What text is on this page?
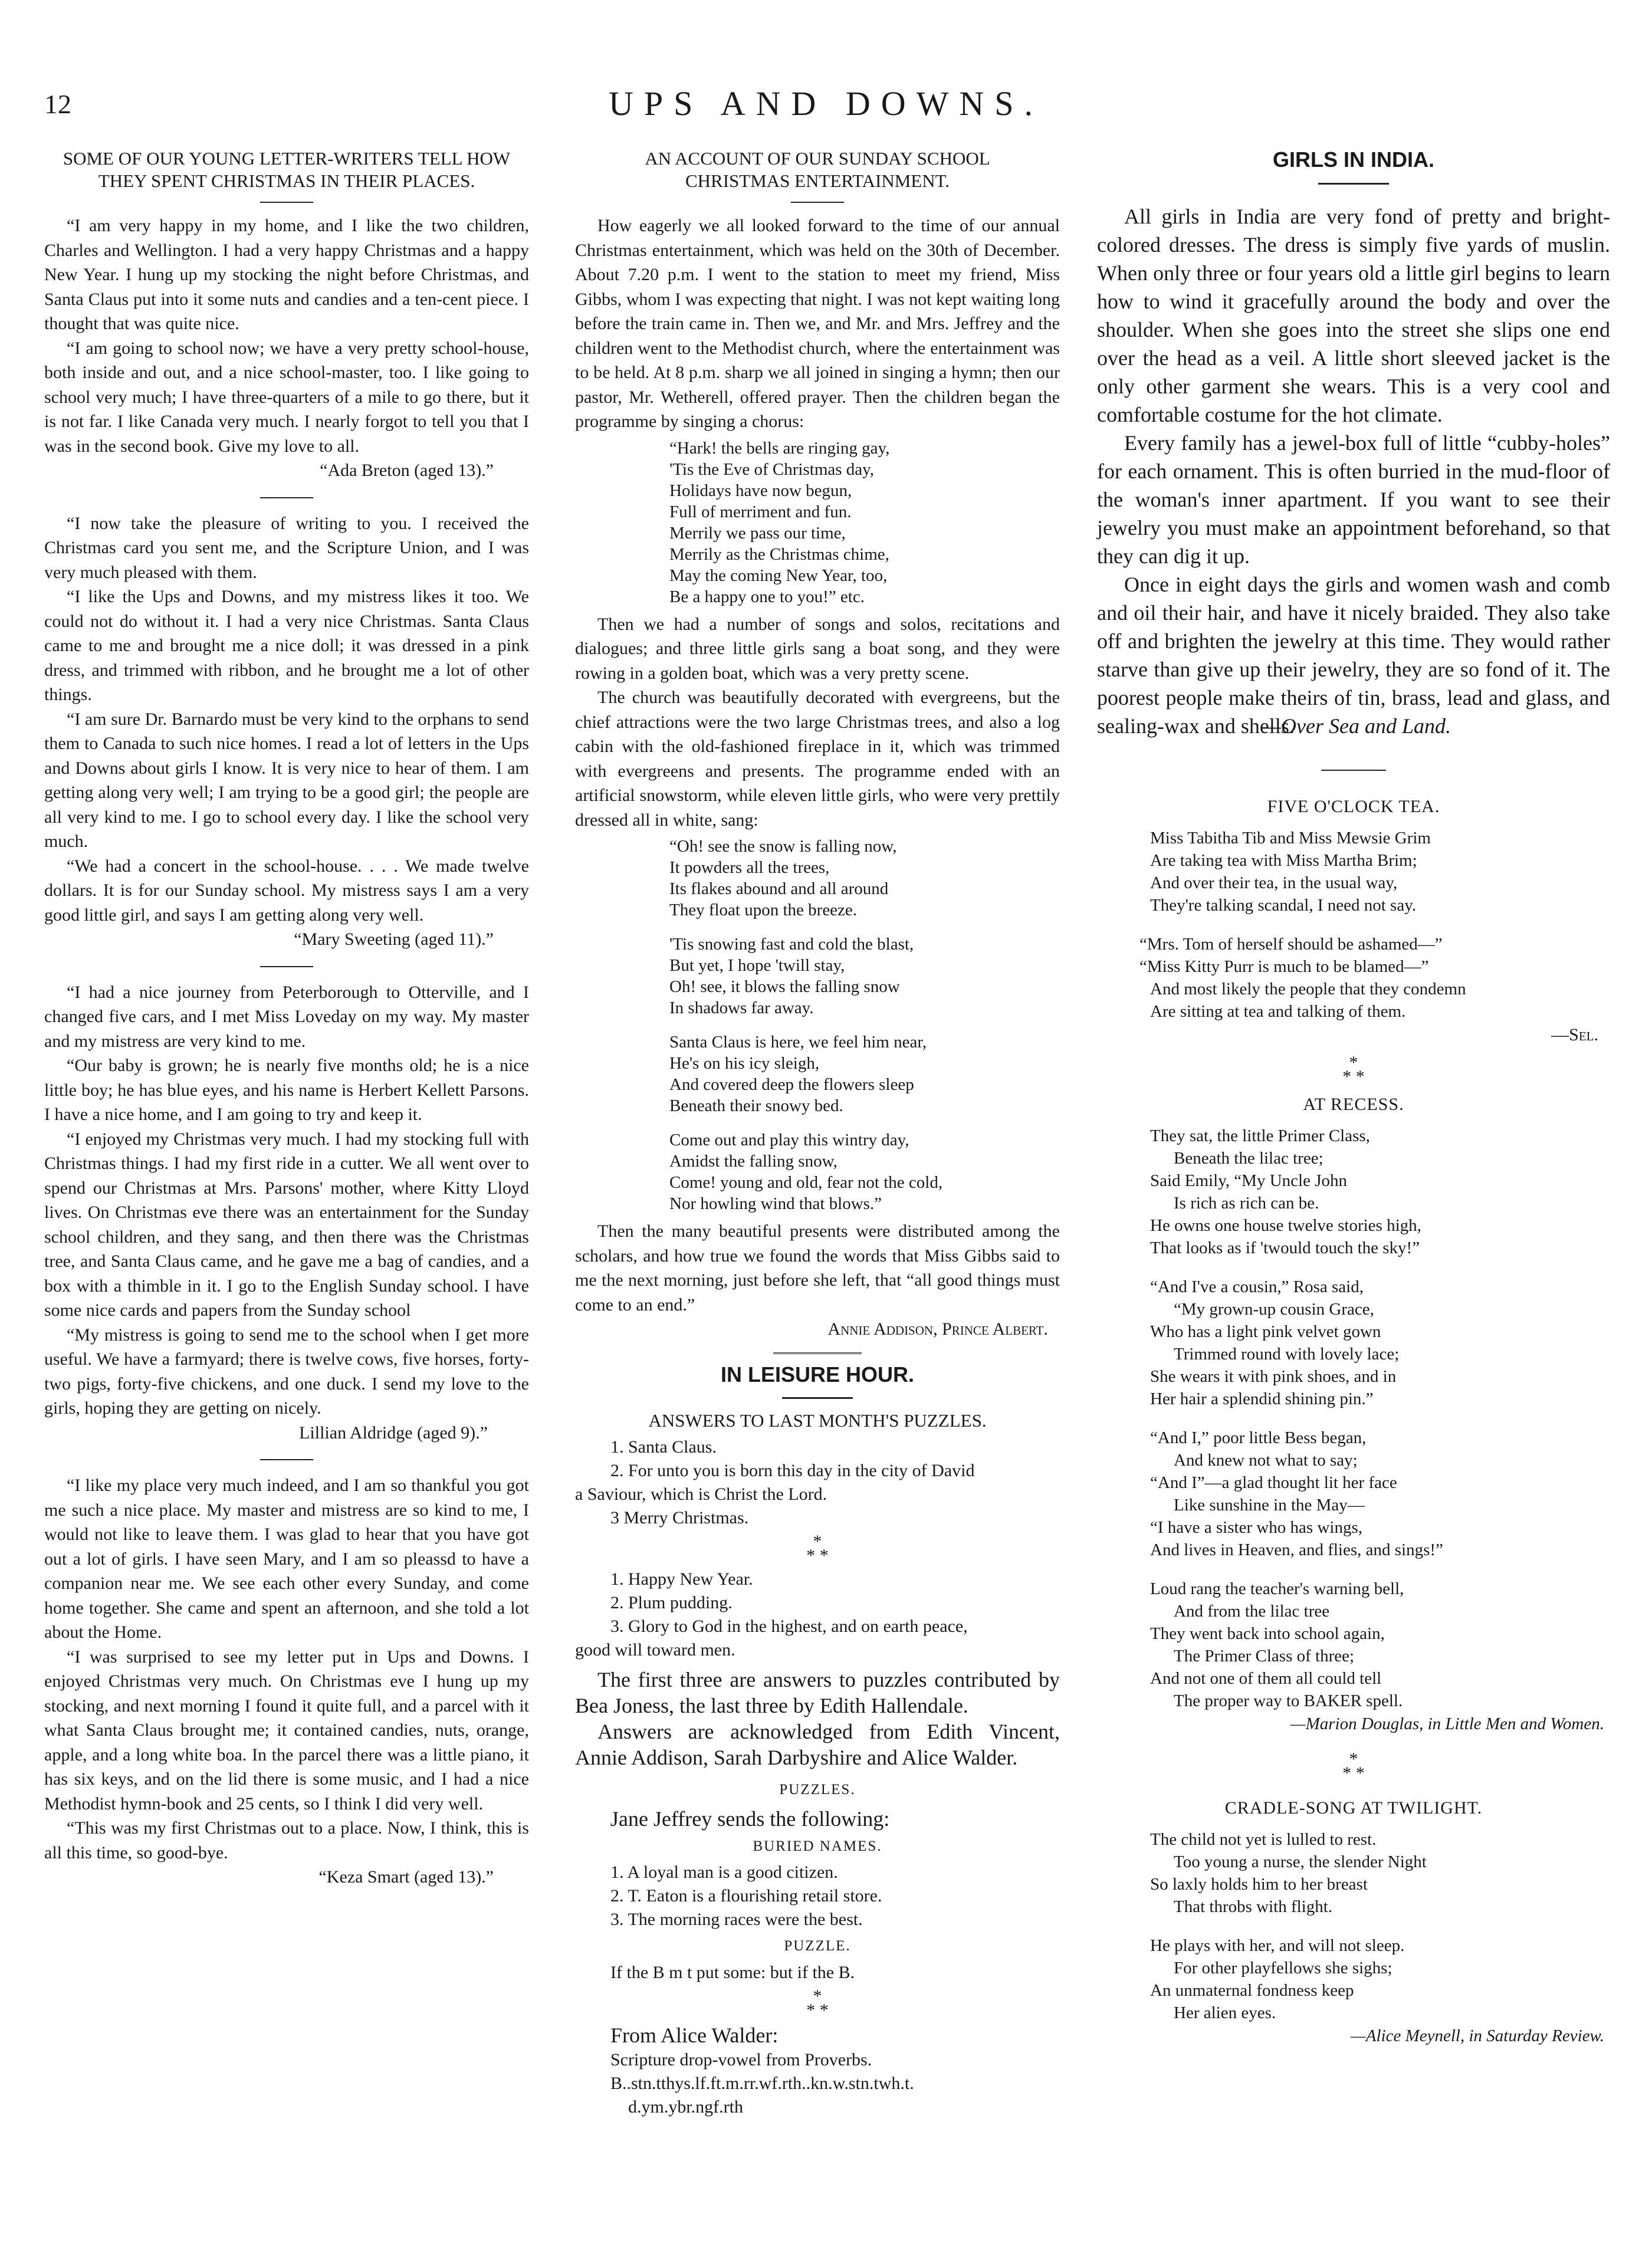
12	UPS AND DOWNS.
SOME OF OUR YOUNG LETTER-WRITERS TELL HOW THEY SPENT CHRISTMAS IN THEIR PLACES.

“I am very happy in my home, and I like the two children, Charles and Wellington. I had a very happy Christmas and a happy New Year. I hung up my stocking the night before Christmas, and Santa Claus put into it some nuts and candies and a ten-cent piece. I thought that was quite nice.

“I am going to school now; we have a very pretty school-house, both inside and out, and a nice school-master, too. I like going to school very much; I have three-quarters of a mile to go there, but it is not far. I like Canada very much. I nearly forgot to tell you that I was in the second book. Give my love to all.

“Ada Breton (aged 13).”

“I now take the pleasure of writing to you. I received the Christmas card you sent me, and the Scripture Union, and I was very much pleased with them.

“I like the Ups and Downs, and my mistress likes it too. We could not do without it. I had a very nice Christmas. Santa Claus came to me and brought me a nice doll; it was dressed in a pink dress, and trimmed with ribbon, and he brought me a lot of other things.

“I am sure Dr. Barnardo must be very kind to the orphans to send them to Canada to such nice homes. I read a lot of letters in the Ups and Downs about girls I know. It is very nice to hear of them. I am getting along very well; I am trying to be a good girl; the people are all very kind to me. I go to school every day. I like the school very much.

“We had a concert in the school-house. . . . We made twelve dollars. It is for our Sunday school. My mistress says I am a very good little girl, and says I am getting along very well.

“Mary Sweeting (aged 11).”

“I had a nice journey from Peterborough to Otterville, and I changed five cars, and I met Miss Loveday on my way. My master and my mistress are very kind to me.

“Our baby is grown; he is nearly five months old; he is a nice little boy; he has blue eyes, and his name is Herbert Kellett Parsons. I have a nice home, and I am going to try and keep it.

“I enjoyed my Christmas very much. I had my stocking full with Christmas things. I had my first ride in a cutter. We all went over to spend our Christmas at Mrs. Parsons' mother, where Kitty Lloyd lives. On Christmas eve there was an entertainment for the Sunday school children, and they sang, and then there was the Christmas tree, and Santa Claus came, and he gave me a bag of candies, and a box with a thimble in it. I go to the English Sunday school. I have some nice cards and papers from the Sunday school

“My mistress is going to send me to the school when I get more useful. We have a farmyard; there is twelve cows, five horses, forty-two pigs, forty-five chickens, and one duck. I send my love to the girls, hoping they are getting on nicely.

Lillian Aldridge (aged 9).”

“I like my place very much indeed, and I am so thankful you got me such a nice place. My master and mistress are so kind to me, I would not like to leave them. I was glad to hear that you have got out a lot of girls. I have seen Mary, and I am so pleassd to have a companion near me. We see each other every Sunday, and come home together. She came and spent an afternoon, and she told a lot about the Home.

“I was surprised to see my letter put in Ups and Downs. I enjoyed Christmas very much. On Christmas eve I hung up my stocking, and next morning I found it quite full, and a parcel with it what Santa Claus brought me; it contained candies, nuts, orange, apple, and a long white boa. In the parcel there was a little piano, it has six keys, and on the lid there is some music, and I had a nice Methodist hymn-book and 25 cents, so I think I did very well.

“This was my first Christmas out to a place. Now, I think, this is all this time, so good-bye.

“Keza Smart (aged 13).”

AN ACCOUNT OF OUR SUNDAY SCHOOL CHRISTMAS ENTERTAINMENT.

How eagerly we all looked forward to the time of our annual Christmas entertainment, which was held on the 30th of December. About 7.20 p.m. I went to the station to meet my friend, Miss Gibbs, whom I was expecting that night. I was not kept waiting long before the train came in. Then we, and Mr. and Mrs. Jeffrey and the children went to the Methodist church, where the entertainment was to be held. At 8 p.m. sharp we all joined in singing a hymn; then our pastor, Mr. Wetherell, offered prayer. Then the children began the programme by singing a chorus:

“Hark! the bells are ringing gay,
'Tis the Eve of Christmas day,
Holidays have now begun,
Full of merriment and fun.
Merrily we pass our time,
Merrily as the Christmas chime,
May the coming New Year, too,
Be a happy one to you!” etc.

Then we had a number of songs and solos, recitations and dialogues; and three little girls sang a boat song, and they were rowing in a golden boat, which was a very pretty scene.

The church was beautifully decorated with evergreens, but the chief attractions were the two large Christmas trees, and also a log cabin with the old-fashioned fireplace in it, which was trimmed with evergreens and presents. The programme ended with an artificial snowstorm, while eleven little girls, who were very prettily dressed all in white, sang:

“Oh! see the snow is falling now,
It powders all the trees,
Its flakes abound and all around
They float upon the breeze.
'Tis snowing fast and cold the blast,
But yet, I hope 'twill stay,
Oh! see, it blows the falling snow
In shadows far away.
Santa Claus is here, we feel him near,
He's on his icy sleigh,
And covered deep the flowers sleep
Beneath their snowy bed.
Come out and play this wintry day,
Amidst the falling snow,
Come! young and old, fear not the cold,
Nor howling wind that blows.”

Then the many beautiful presents were distributed among the scholars, and how true we found the words that Miss Gibbs said to me the next morning, just before she left, that “all good things must come to an end.”

Annie Addison, Prince Albert.

IN LEISURE HOUR.
ANSWERS TO LAST MONTH'S PUZZLES.
1. Santa Claus.
2. For unto you is born this day in the city of David
a Saviour, which is Christ the Lord.
3 Merry Christmas.
*
* *
1. Happy New Year.
2. Plum pudding.
3. Glory to God in the highest, and on earth peace,
good will toward men.

The first three are answers to puzzles contributed by Bea Joness, the last three by Edith Hallendale.

Answers are acknowledged from Edith Vincent, Annie Addison, Sarah Darbyshire and Alice Walder.

PUZZLES.
Jane Jeffrey sends the following:
BURIED NAMES.
1. A loyal man is a good citizen.
2. T. Eaton is a flourishing retail store.
3. The morning races were the best.
PUZZLE.
If the B m t put some: but if the B.
*
* *
From Alice Walder:
Scripture drop-vowel from Proverbs.
B..stn.tthys.lf.ft.m.rr.wf.rth..kn.w.stn.twh.t.
d.ym.ybr.ngf.rth
GIRLS IN INDIA.

All girls in India are very fond of pretty and bright-colored dresses. The dress is simply five yards of muslin. When only three or four years old a little girl begins to learn how to wind it gracefully around the body and over the shoulder. When she goes into the street she slips one end over the head as a veil. A little short sleeved jacket is the only other garment she wears. This is a very cool and comfortable costume for the hot climate.

Every family has a jewel-box full of little “cubby-holes” for each ornament. This is often burried in the mud-floor of the woman's inner apartment. If you want to see their jewelry you must make an appointment beforehand, so that they can dig it up.

Once in eight days the girls and women wash and comb and oil their hair, and have it nicely braided. They also take off and brighten the jewelry at this time. They would rather starve than give up their jewelry, they are so fond of it. The poorest people make theirs of tin, brass, lead and glass, and sealing-wax and shells.

—Over Sea and Land.
FIVE O'CLOCK TEA.
Miss Tabitha Tib and Miss Mewsie Grim
Are taking tea with Miss Martha Brim;
And over their tea, in the usual way,
They're talking scandal, I need not say.
“Mrs. Tom of herself should be ashamed—”
“Miss Kitty Purr is much to be blamed—”
And most likely the people that they condemn
Are sitting at tea and talking of them.
—Sel.
*
* *
AT RECESS.
They sat, the little Primer Class,
Beneath the lilac tree;
Said Emily, “My Uncle John
Is rich as rich can be.
He owns one house twelve stories high,
That looks as if 'twould touch the sky!”
“And I've a cousin,” Rosa said,
“My grown-up cousin Grace,
Who has a light pink velvet gown
Trimmed round with lovely lace;
She wears it with pink shoes, and in
Her hair a splendid shining pin.”
“And I,” poor little Bess began,
And knew not what to say;
“And I”—a glad thought lit her face
Like sunshine in the May—
“I have a sister who has wings,
And lives in Heaven, and flies, and sings!”
Loud rang the teacher's warning bell,
And from the lilac tree
They went back into school again,
The Primer Class of three;
And not one of them all could tell
The proper way to BAKER spell.
—Marion Douglas, in Little Men and Women.
*
* *
CRADLE-SONG AT TWILIGHT.
The child not yet is lulled to rest.
Too young a nurse, the slender Night
So laxly holds him to her breast
That throbs with flight.
He plays with her, and will not sleep.
For other playfellows she sighs;
An unmaternal fondness keep
Her alien eyes.
—Alice Meynell, in Saturday Review.
